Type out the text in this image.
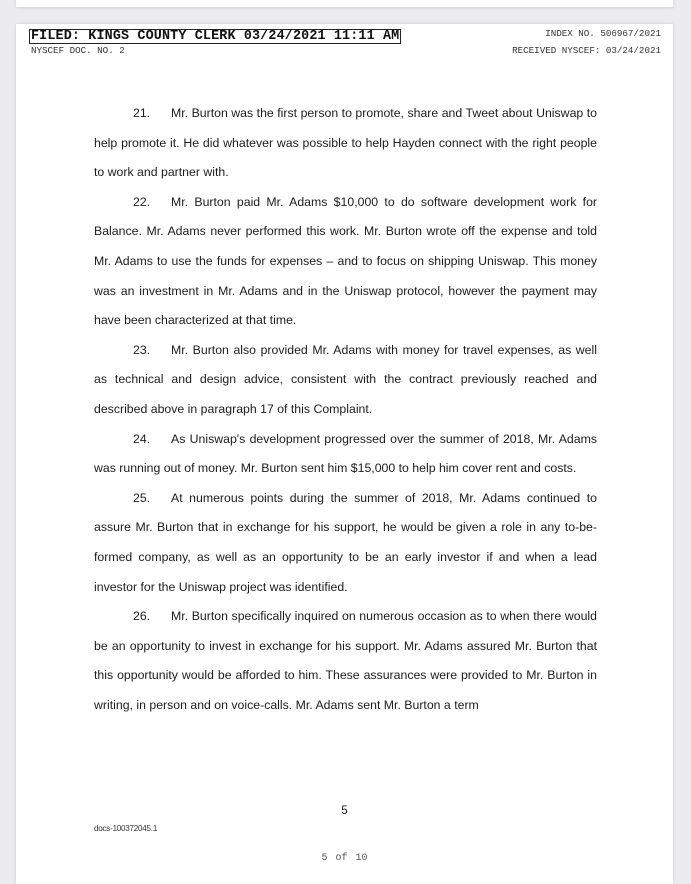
FILED: KINGS COUNTY CLERK 03/24/2021 11:11 AM
NYSCEF DOC. NO. 2
INDEX NO. 506967/2021
RECEIVED NYSCEF: 03/24/2021

21. Mr. Burton was the first person to promote, share and Tweet about Uniswap to help promote it. He did whatever was possible to help Hayden connect with the right people to work and partner with.

22. Mr. Burton paid Mr. Adams $10,000 to do software development work for Balance. Mr. Adams never performed this work. Mr. Burton wrote off the expense and told Mr. Adams to use the funds for expenses – and to focus on shipping Uniswap. This money was an investment in Mr. Adams and in the Uniswap protocol, however the payment may have been characterized at that time.

23. Mr. Burton also provided Mr. Adams with money for travel expenses, as well as technical and design advice, consistent with the contract previously reached and described above in paragraph 17 of this Complaint.

24. As Uniswap's development progressed over the summer of 2018, Mr. Adams was running out of money. Mr. Burton sent him $15,000 to help him cover rent and costs.

25. At numerous points during the summer of 2018, Mr. Adams continued to assure Mr. Burton that in exchange for his support, he would be given a role in any to-be-formed company, as well as an opportunity to be an early investor if and when a lead investor for the Uniswap project was identified.

26. Mr. Burton specifically inquired on numerous occasion as to when there would be an opportunity to invest in exchange for his support. Mr. Adams assured Mr. Burton that this opportunity would be afforded to him. These assurances were provided to Mr. Burton in writing, in person and on voice-calls. Mr. Adams sent Mr. Burton a term

5
docs-100372045.1
5 of 10
